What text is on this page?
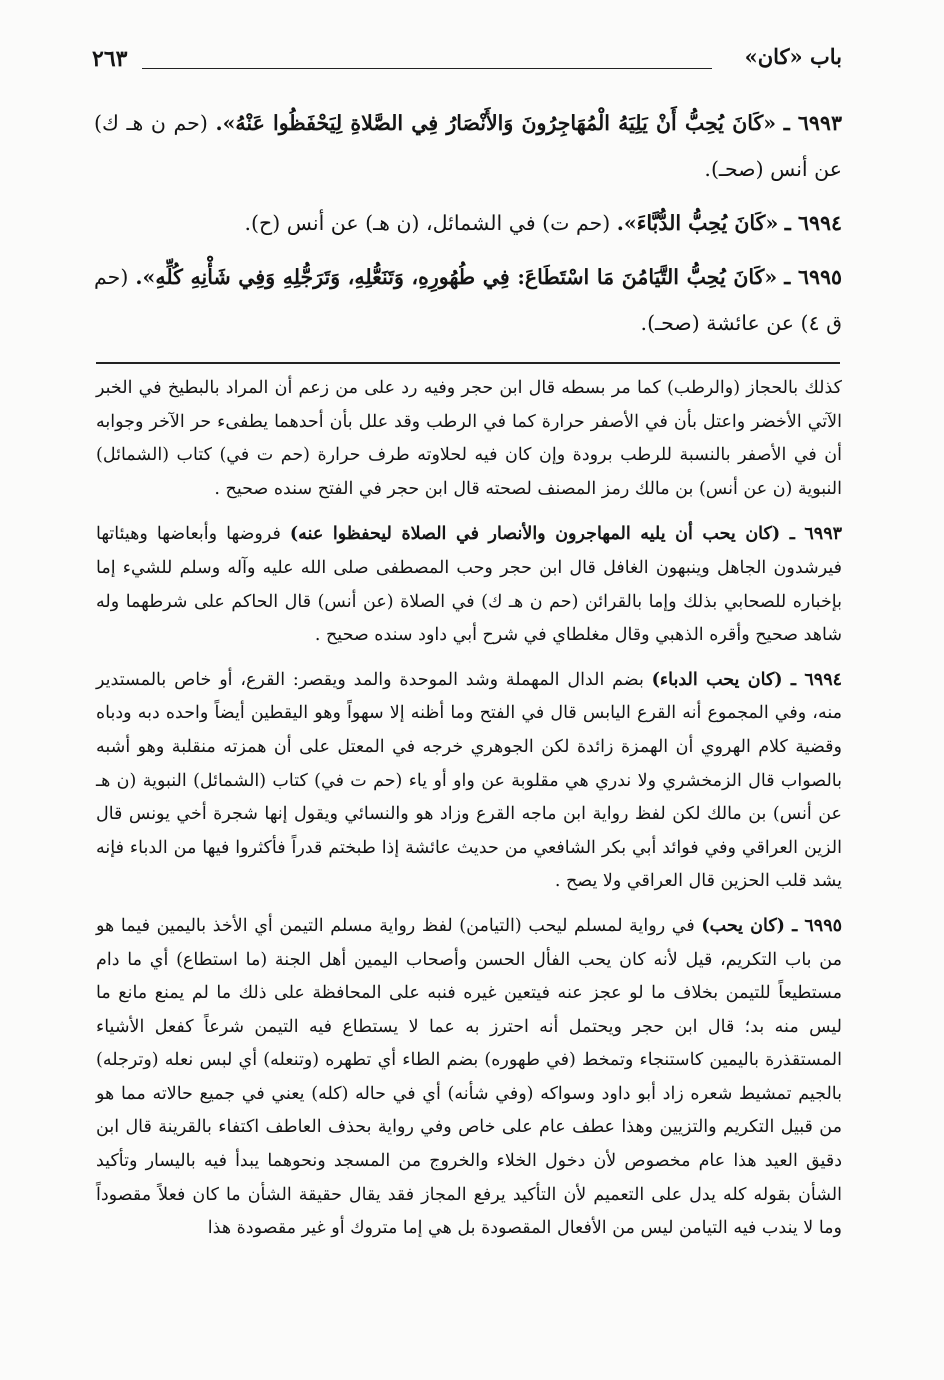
باب «كان»
٢٦٣

٦٩٩٣ ـ «كَانَ يُحِبُّ أَنْ يَلِيَهُ الْمُهَاجِرُونَ وَالأَنْصَارُ فِي الصَّلاةِ لِيَحْفَظُوا عَنْهُ». (حم ن هـ ك) عن أنس (صحـ).

٦٩٩٤ ـ «كَانَ يُحِبُّ الدُّبَّاءَ». (حم ت) في الشمائل، (ن هـ) عن أنس (ح).

٦٩٩٥ ـ «كَانَ يُحِبُّ التَّيَامُنَ مَا اسْتَطَاعَ: فِي طُهُورِهِ، وَتَنَعُّلِهِ، وَتَرَجُّلِهِ وَفِي شَأْنِهِ كُلِّهِ». (حم ق ٤) عن عائشة (صحـ).

كذلك بالحجاز (والرطب) كما مر بسطه قال ابن حجر وفيه رد على من زعم أن المراد بالبطيخ في الخبر الآتي الأخضر واعتل بأن في الأصفر حرارة كما في الرطب وقد علل بأن أحدهما يطفىء حر الآخر وجوابه أن في الأصفر بالنسبة للرطب برودة وإن كان فيه لحلاوته طرف حرارة (حم ت في) كتاب (الشمائل) النبوية (ن عن أنس) بن مالك رمز المصنف لصحته قال ابن حجر في الفتح سنده صحيح .

٦٩٩٣ ـ (كان يحب أن يليه المهاجرون والأنصار في الصلاة ليحفظوا عنه) فروضها وأبعاضها وهيئاتها فيرشدون الجاهل وينبهون الغافل قال ابن حجر وحب المصطفى صلى الله عليه وآله وسلم للشيء إما بإخباره للصحابي بذلك وإما بالقرائن (حم ن هـ ك) في الصلاة (عن أنس) قال الحاكم على شرطهما وله شاهد صحيح وأقره الذهبي وقال مغلطاي في شرح أبي داود سنده صحيح .

٦٩٩٤ ـ (كان يحب الدباء) بضم الدال المهملة وشد الموحدة والمد ويقصر: القرع، أو خاص بالمستدير منه، وفي المجموع أنه القرع اليابس قال في الفتح وما أظنه إلا سهواً وهو اليقطين أيضاً واحده دبه ودباه وقضية كلام الهروي أن الهمزة زائدة لكن الجوهري خرجه في المعتل على أن همزته منقلبة وهو أشبه بالصواب قال الزمخشري ولا ندري هي مقلوبة عن واو أو ياء (حم ت في) كتاب (الشمائل) النبوية (ن هـ عن أنس) بن مالك لكن لفظ رواية ابن ماجه القرع وزاد هو والنسائي ويقول إنها شجرة أخي يونس قال الزين العراقي وفي فوائد أبي بكر الشافعي من حديث عائشة إذا طبختم قدراً فأكثروا فيها من الدباء فإنه يشد قلب الحزين قال العراقي ولا يصح .

٦٩٩٥ ـ (كان يحب) في رواية لمسلم ليحب (التيامن) لفظ رواية مسلم التيمن أي الأخذ باليمين فيما هو من باب التكريم، قيل لأنه كان يحب الفأل الحسن وأصحاب اليمين أهل الجنة (ما استطاع) أي ما دام مستطيعاً للتيمن بخلاف ما لو عجز عنه فيتعين غيره فنبه على المحافظة على ذلك ما لم يمنع مانع ما ليس منه بد؛ قال ابن حجر ويحتمل أنه احترز به عما لا يستطاع فيه التيمن شرعاً كفعل الأشياء المستقذرة باليمين كاستنجاء وتمخط (في طهوره) بضم الطاء أي تطهره (وتنعله) أي لبس نعله (وترجله) بالجيم تمشيط شعره زاد أبو داود وسواكه (وفي شأنه) أي في حاله (كله) يعني في جميع حالاته مما هو من قبيل التكريم والتزيين وهذا عطف عام على خاص وفي رواية بحذف العاطف اكتفاء بالقرينة قال ابن دقيق العيد هذا عام مخصوص لأن دخول الخلاء والخروج من المسجد ونحوهما يبدأ فيه باليسار وتأكيد الشأن بقوله كله يدل على التعميم لأن التأكيد يرفع المجاز فقد يقال حقيقة الشأن ما كان فعلاً مقصوداً وما لا يندب فيه التيامن ليس من الأفعال المقصودة بل هي إما متروك أو غير مقصودة هذا
